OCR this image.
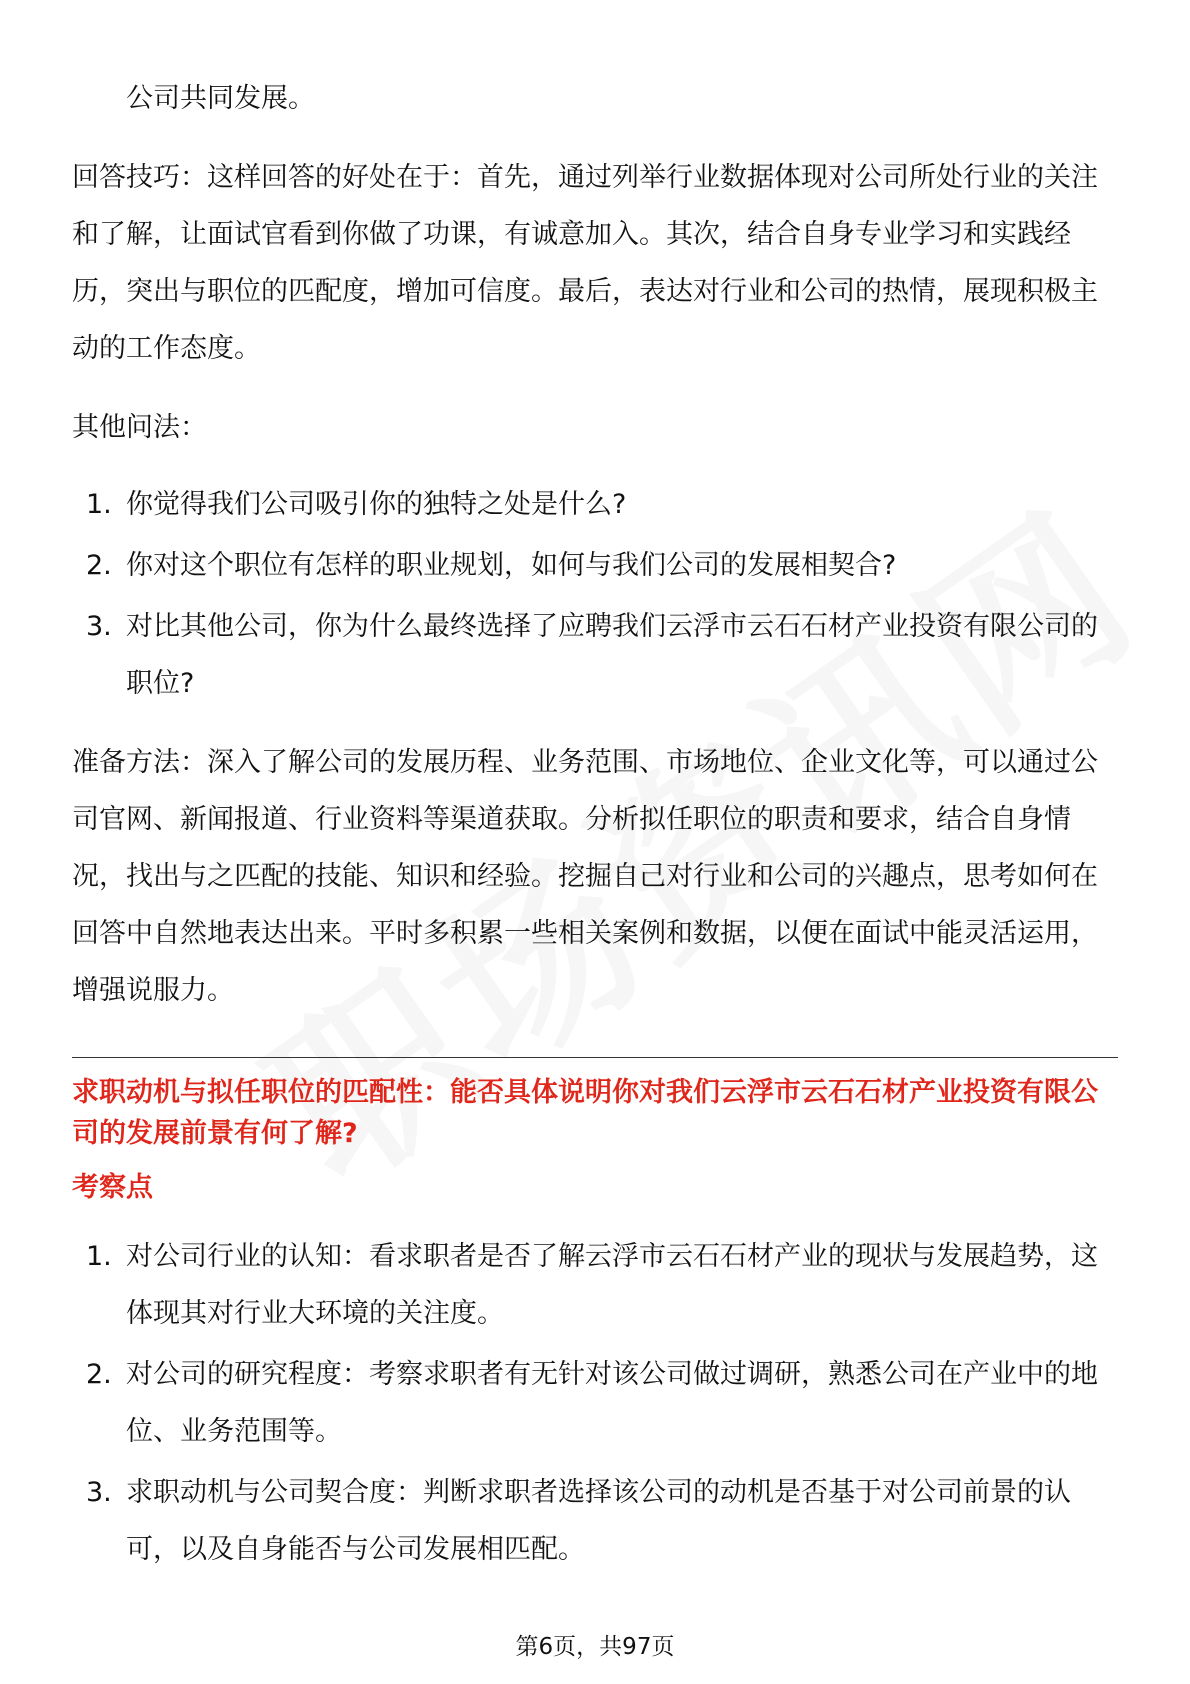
公司共同发展。

回答技巧：这样回答的好处在于：首先，通过列举行业数据体现对公司所处行业的关注和了解，让面试官看到你做了功课，有诚意加入。其次，结合自身专业学习和实践经历，突出与职位的匹配度，增加可信度。最后，表达对行业和公司的热情，展现积极主动的工作态度。

其他问法：

1. 你觉得我们公司吸引你的独特之处是什么?
2. 你对这个职位有怎样的职业规划，如何与我们公司的发展相契合?
3. 对比其他公司，你为什么最终选择了应聘我们云浮市云石石材产业投资有限公司的职位?

准备方法：深入了解公司的发展历程、业务范围、市场地位、企业文化等，可以通过公司官网、新闻报道、行业资料等渠道获取。分析拟任职位的职责和要求，结合自身情况，找出与之匹配的技能、知识和经验。挖掘自己对行业和公司的兴趣点，思考如何在回答中自然地表达出来。平时多积累一些相关案例和数据，以便在面试中能灵活运用，增强说服力。

求职动机与拟任职位的匹配性：能否具体说明你对我们云浮市云石石材产业投资有限公司的发展前景有何了解?
考察点
1. 对公司行业的认知：看求职者是否了解云浮市云石石材产业的现状与发展趋势，这体现其对行业大环境的关注度。
2. 对公司的研究程度：考察求职者有无针对该公司做过调研，熟悉公司在产业中的地位、业务范围等。
3. 求职动机与公司契合度：判断求职者选择该公司的动机是否基于对公司前景的认可，以及自身能否与公司发展相匹配。
第6页，共97页
